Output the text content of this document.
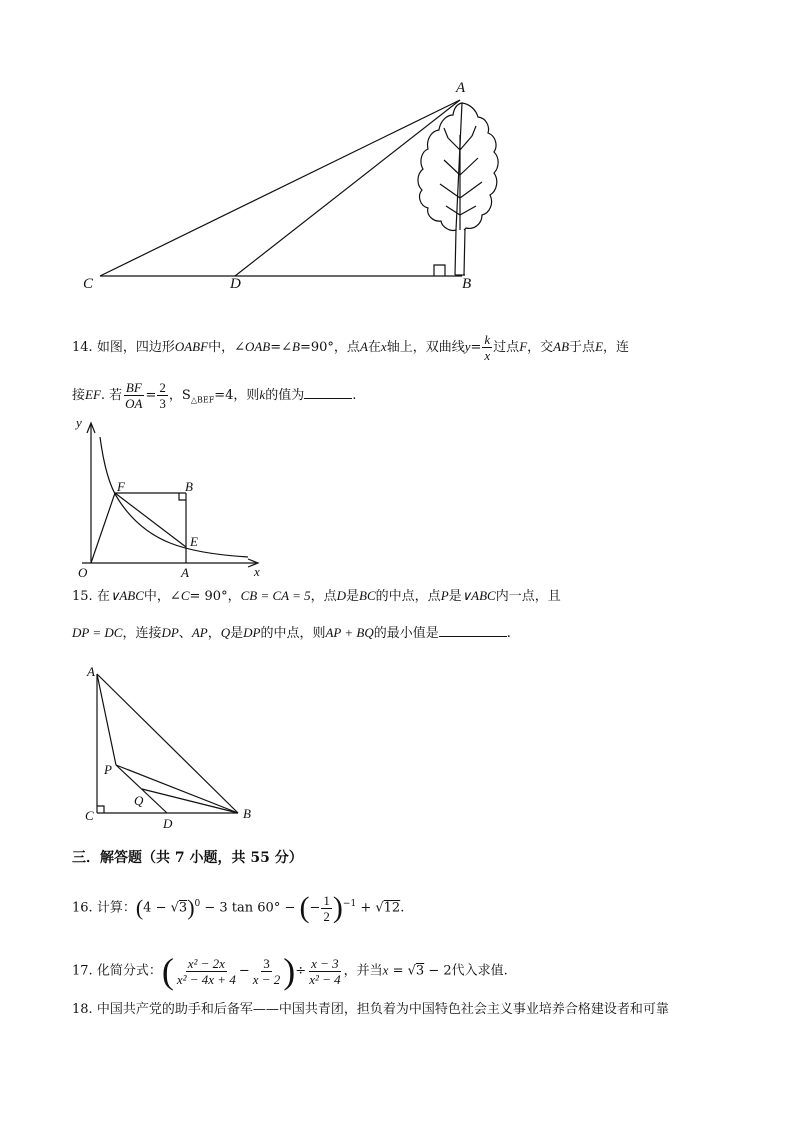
A
C	D	B
14. 如图，四边形OABF中，∠OAB=∠B=90°，点A在x轴上，双曲线$y= \frac{k}{x}$ 过点F，交AB于点E，连
接EF. 若 $\frac{BF}{OA} = \frac{2}{3}$ ，$S_{\triangle BEF}=4$，则k的值为	.
y
F	B
E
O	A	x
15. 在∨ABC中，∠C= 90°，CB = CA = 5，点D是BC的中点，点P是∨ABC内一点，且
DP = DC，连接DP、AP，Q是DP的中点，则AP + BQ的最小值是	.
A
P
Q
C
D
B
三．解答题（共 7 小题，共 55 分）
16. 计算：$(4 - √3)^0 - 3$ tan 60° − (− $\frac{1}{2} )^{-1} + √12$.
17. 化简分式：( $\frac{\text{x² − 2x}}{\text{x² − 4x + 4}} - \frac{3}{x - 2}$ )÷ $\frac{x - 3}{\text{x² − 4}}$ ，并当x = √3 − 2代入求值.
18. 中国共产党的助手和后备军——中国共青团，担负着为中国特色社会主义事业培养合格建设者和可靠
